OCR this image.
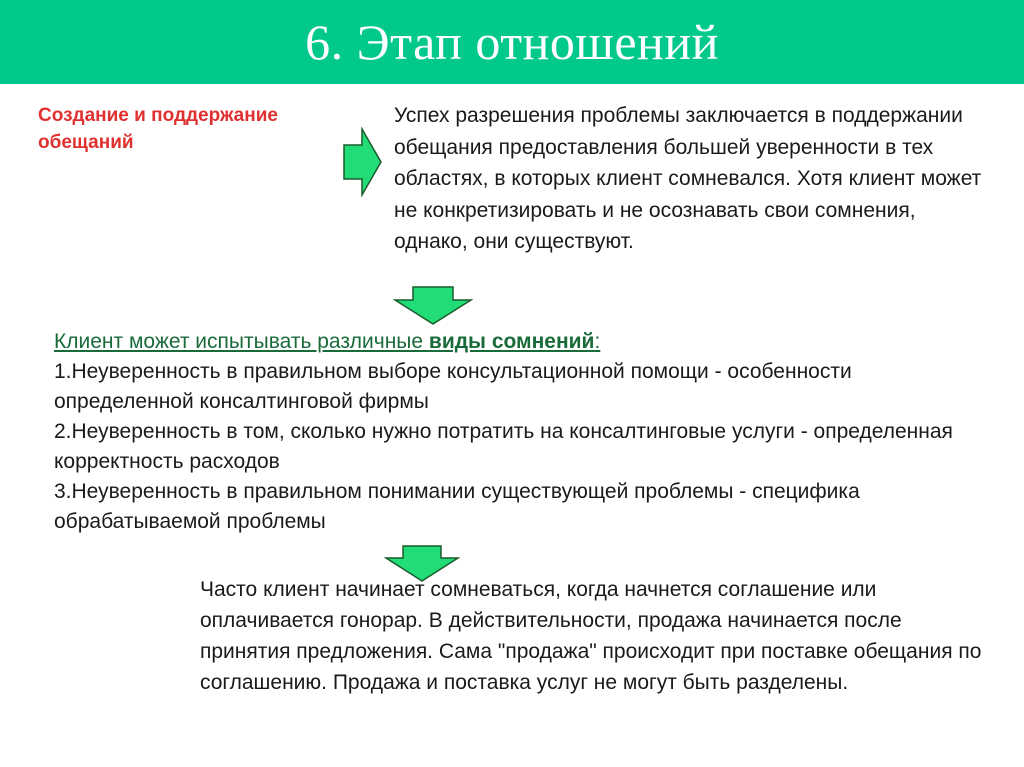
6. Этап отношений
Создание и поддержание обещаний
Успех разрешения проблемы заключается в поддержании обещания предоставления большей уверенности в тех областях, в которых клиент сомневался. Хотя клиент может не конкретизировать и не осознавать свои сомнения, однако, они существуют.
Клиент может испытывать различные виды сомнений:
1.Неуверенность в правильном выборе консультационной помощи - особенности определенной консалтинговой фирмы
2.Неуверенность в том, сколько нужно потратить на консалтинговые услуги - определенная корректность расходов
3.Неуверенность в правильном понимании существующей проблемы - специфика обрабатываемой проблемы
Часто клиент начинает сомневаться, когда начнется соглашение или оплачивается гонорар. В действительности, продажа начинается после принятия предложения. Сама "продажа" происходит при поставке обещания по соглашению. Продажа и поставка услуг не могут быть разделены.
